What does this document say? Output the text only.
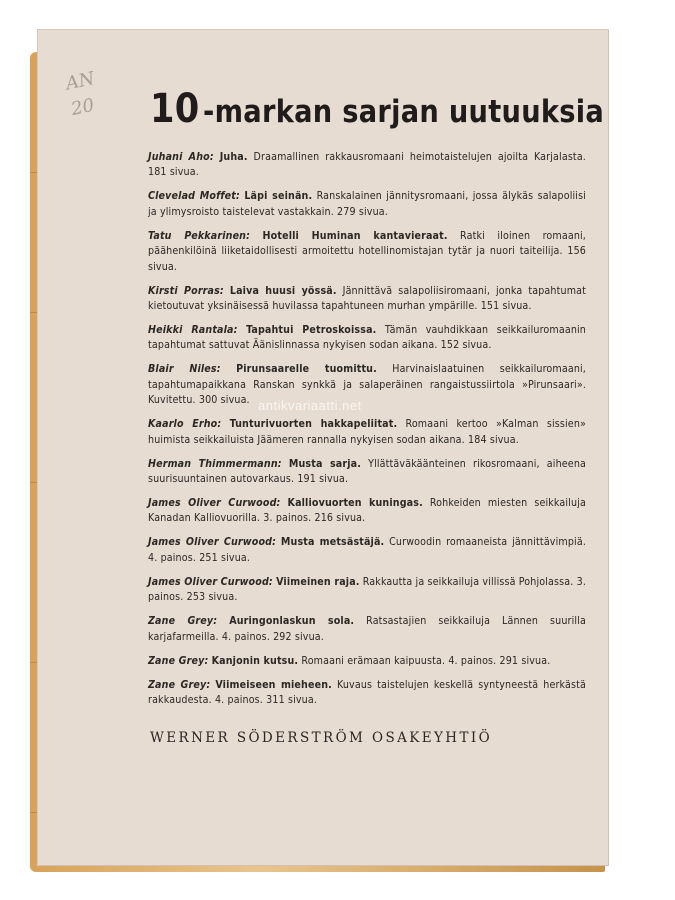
AN
20	10 -markan sarjan uutuuksia
Juhani Aho: Juha. Draamallinen rakkausromaani heimotaistelujen ajoilta Karjalasta. 181 sivua.
Clevelad Moffet: Läpi seinän. Ranskalainen jännitysromaani, jossa älykäs salapoliisi ja ylimysroisto taistelevat vastakkain. 279 sivua.
Tatu Pekkarinen: Hotelli Huminan kantavieraat. Ratki iloinen romaani, päähenkilöinä liiketaidollisesti armoitettu hotellinomistajan tytär ja nuori taiteilija. 156 sivua.
Kirsti Porras: Laiva huusi yössä. Jännittävä salapoliisiromaani, jonka tapahtumat kietoutuvat yksinäisessä huvilassa tapahtuneen murhan ympärille. 151 sivua.
Heikki Rantala: Tapahtui Petroskoissa. Tämän vauhdikkaan seikkailuromaanin tapahtumat sattuvat Äänislinnassa nykyisen sodan aikana. 152 sivua.
Blair Niles: Pirunsaarelle tuomittu. Harvinaislaatuinen seikkailuromaani, tapahtumapaikkana Ranskan synkkä ja salaperäinen rangaistussiirtola »Pirunsaari». Kuvitettu. 300 sivua.
Kaarlo Erho: Tunturivuorten hakkapeliitat. Romaani kertoo »Kalman sissien» huimista seikkailuista Jäämeren rannalla nykyisen sodan aikana. 184 sivua.
Herman Thimmermann: Musta sarja. Yllättäväkäänteinen rikosromaani, aiheena suurisuuntainen autovarkaus. 191 sivua.
James Oliver Curwood: Kalliovuorten kuningas. Rohkeiden miesten seikkailuja Kanadan Kalliovuorilla. 3. painos. 216 sivua.
James Oliver Curwood: Musta metsästäjä. Curwoodin romaaneista jännittävimpiä. 4. painos. 251 sivua.
James Oliver Curwood: Viimeinen raja. Rakkautta ja seikkailuja villissä Pohjolassa. 3. painos. 253 sivua.
Zane Grey: Auringonlaskun sola. Ratsastajien seikkailuja Lännen suurilla karjafarmeilla. 4. painos. 292 sivua.
Zane Grey: Kanjonin kutsu. Romaani erämaan kaipuusta. 4. painos. 291 sivua.
Zane Grey: Viimeiseen mieheen. Kuvaus taistelujen keskellä syntyneestä herkästä rakkaudesta. 4. painos. 311 sivua.
antikvariaatti.net
WERNER SÖDERSTRÖM OSAKEYHTIÖ
